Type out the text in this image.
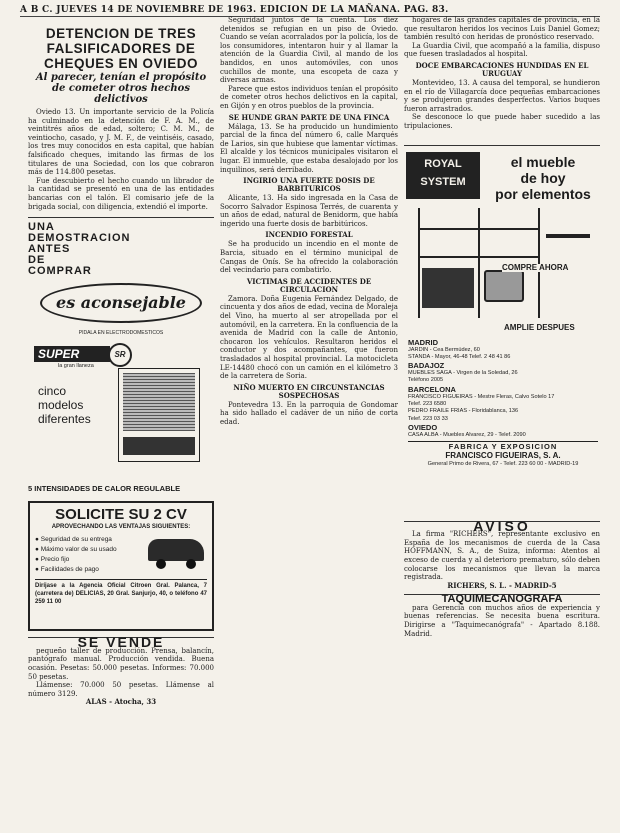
A B C. JUEVES 14 DE NOVIEMBRE DE 1963. EDICION DE LA MAÑANA. PAG. 83.
DETENCION DE TRES FALSIFICADORES DE CHEQUES EN OVIEDO
Al parecer, tenían el propósito de cometer otros hechos delictivos

Oviedo 13. Un importante servicio de la Policía ha culminado en la detención de F. A. M., de veintitrés años de edad, soltero; C. M. M., de veintiocho, casado, y J. M. F., de veintiséis, casado, los tres muy conocidos en esta capital, que habían falsificado cheques, imitando las firmas de los titulares de una Sociedad, con los que cobraron más de 114.800 pesetas.

Fue descubierto el hecho cuando un librador de la cantidad se presentó en una de las entidades bancarias con el talón. El comisario jefe de la brigada social, con diligencia, extendió el importe.

UNA
DEMOSTRACION
ANTES
DE
COMPRAR
es aconsejable
PIDALA EN ELECTRODOMESTICOS
SUPER	SR
la gran llaneza
cinco modelos diferentes
5 INTENSIDADES DE CALOR REGULABLE
SOLICITE SU 2 CV
APROVECHANDO LAS VENTAJAS SIGUIENTES:
● Seguridad de su entrega
● Máximo valor de su usado
● Precio fijo
● Facilidades de pago
Diríjase a la Agencia Oficial Citroen Gral. Palanca, 7 (carretera de) DELICIAS, 20 Gral. Sanjurjo, 40, o teléfono 47 259 11 00
SE VENDE

pequeño taller de producción. Prensa, balancín, pantógrafo manual. Producción vendida. Buena ocasión. Pesetas: 50.000 pesetas. Informes: 70.000 50 pesetas.

Llámense: 70.000 50 pesetas. Llámense al número 3129.

ALAS - Atocha, 33

Seguridad juntos de la cuenta. Los diez detenidos se refugian en un piso de Oviedo. Cuando se veían acorralados por la policía, los de los consumidores, intentaron huir y al llamar la atención de la Guardia Civil, al mando de los bandidos, en unos automóviles, con unos cuchillos de monte, una escopeta de caza y diversas armas.

Parece que estos individuos tenían el propósito de cometer otros hechos delictivos en la capital, en Gijón y en otros pueblos de la provincia.

SE HUNDE GRAN PARTE DE UNA FINCA

Málaga, 13. Se ha producido un hundimiento parcial de la finca del número 6, calle Marqués de Larios, sin que hubiese que lamentar víctimas. El alcalde y los técnicos municipales visitaron el lugar. El inmueble, que estaba desalojado por los inquilinos, será derribado.

INGIRIO UNA FUERTE DOSIS DE BARBITURICOS

Alicante, 13. Ha sido ingresada en la Casa de Socorro Salvador Espinosa Terrés, de cuarenta y un años de edad, natural de Benidorm, que había ingerido una fuerte dosis de barbitúricos.

INCENDIO FORESTAL

Se ha producido un incendio en el monte de Barcia, situado en el término municipal de Cangas de Onís. Se ha ofrecido la colaboración del vecindario para combatirlo.

VICTIMAS DE ACCIDENTES DE CIRCULACION

Zamora. Doña Eugenia Fernández Delgado, de cincuenta y dos años de edad, vecina de Moraleja del Vino, ha muerto al ser atropellada por el automóvil, en la carretera. En la confluencia de la avenida de Madrid con la calle de Antonio, chocaron los vehículos. Resultaron heridos el conductor y dos acompañantes, que fueron trasladados al hospital provincial. La motocicleta LE-14480 chocó con un camión en el kilómetro 3 de la carretera de Soria.

NIÑO MUERTO EN CIRCUNSTANCIAS SOSPECHOSAS

Pontevedra 13. En la parroquia de Gondomar ha sido hallado el cadáver de un niño de corta edad.

hogares de las grandes capitales de provincia, en la que resultaron heridos los vecinos Luis Daniel Gomez; también resultó con heridas de pronóstico reservado.

La Guardia Civil, que acompañó a la familia, dispuso que fuesen trasladados al hospital.

DOCE EMBARCACIONES HUNDIDAS EN EL URUGUAY

Montevideo, 13. A causa del temporal, se hundieron en el río de Villagarcía doce pequeñas embarcaciones y se produjeron grandes desperfectos. Varios buques fueron arrastrados.

Se desconoce lo que puede haber sucedido a las tripulaciones.

ROYAL
SYSTEM
el mueble
de hoy
por elementos
COMPRE AHORA
AMPLIE DESPUES
MADRID
JARDIN - Cea Bermúdez, 60
STANDA - Mayor, 46-48 Telef. 2 48 41 86
BADAJOZ
MUEBLES SAGA - Virgen de la Soledad, 26
Teléfono 2005
BARCELONA
FRANCISCO FIGUEIRAS - Mestre Fleras, Calvo Sotelo 17
Telef. 223 6580
PEDRO FRAILE FRIAS - Floridablanca, 136
Telef. 223 03 33
OVIEDO
CASA ALBA - Muebles Alvarez, 29 - Telef. 2090
FABRICA Y EXPOSICION
FRANCISCO FIGUEIRAS, S. A.
General Primo de Rivera, 67 - Telef. 223 60 00 - MADRID-19
AVISO

La firma "RICHERS", representante exclusivo en España de los mecanismos de cuerda de la Casa HOFFMANN, S. A., de Suiza, informa: Atentos al exceso de cuerda y al deterioro prematuro, sólo deben colocarse los mecanismos que llevan la marca registrada.

RICHERS, S. L. - MADRID-5
TAQUIMECANOGRAFA

para Gerencia con muchos años de experiencia y buenas referencias. Se necesita buena escritura. Dirigirse a "Taquimecanógrafa" - Apartado 8.188. Madrid.
